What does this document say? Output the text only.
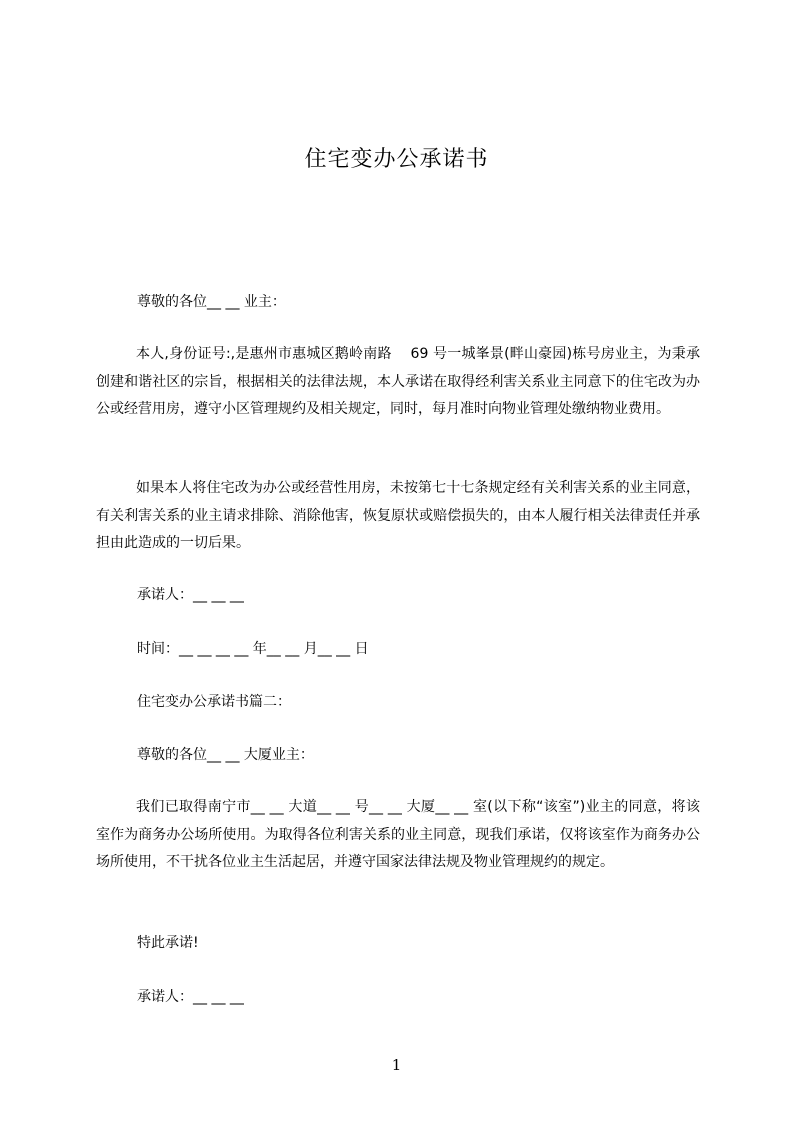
住宅变办公承诺书
尊敬的各位__ __ 业主：
本人,身份证号:,是惠州市惠城区鹅岭南路　 69 号一城峯景(畔山豪园)栋号房业主，为秉承创建和谐社区的宗旨，根据相关的法律法规，本人承诺在取得经利害关系业主同意下的住宅改为办公或经营用房，遵守小区管理规约及相关规定，同时，每月准时向物业管理处缴纳物业费用。
如果本人将住宅改为办公或经营性用房，未按第七十七条规定经有关利害关系的业主同意，有关利害关系的业主请求排除、消除他害，恢复原状或赔偿损失的，由本人履行相关法律责任并承担由此造成的一切后果。
承诺人：__ __ __
时间：__ __ __ __ 年__ __ 月__ __ 日
住宅变办公承诺书篇二：
尊敬的各位__ __ 大厦业主：
我们已取得南宁市__ __ 大道__ __ 号__ __ 大厦__ __ 室(以下称“该室”)业主的同意，将该室作为商务办公场所使用。为取得各位利害关系的业主同意，现我们承诺，仅将该室作为商务办公场所使用，不干扰各位业主生活起居，并遵守国家法律法规及物业管理规约的规定。
特此承诺!
承诺人：__ __ __
1
